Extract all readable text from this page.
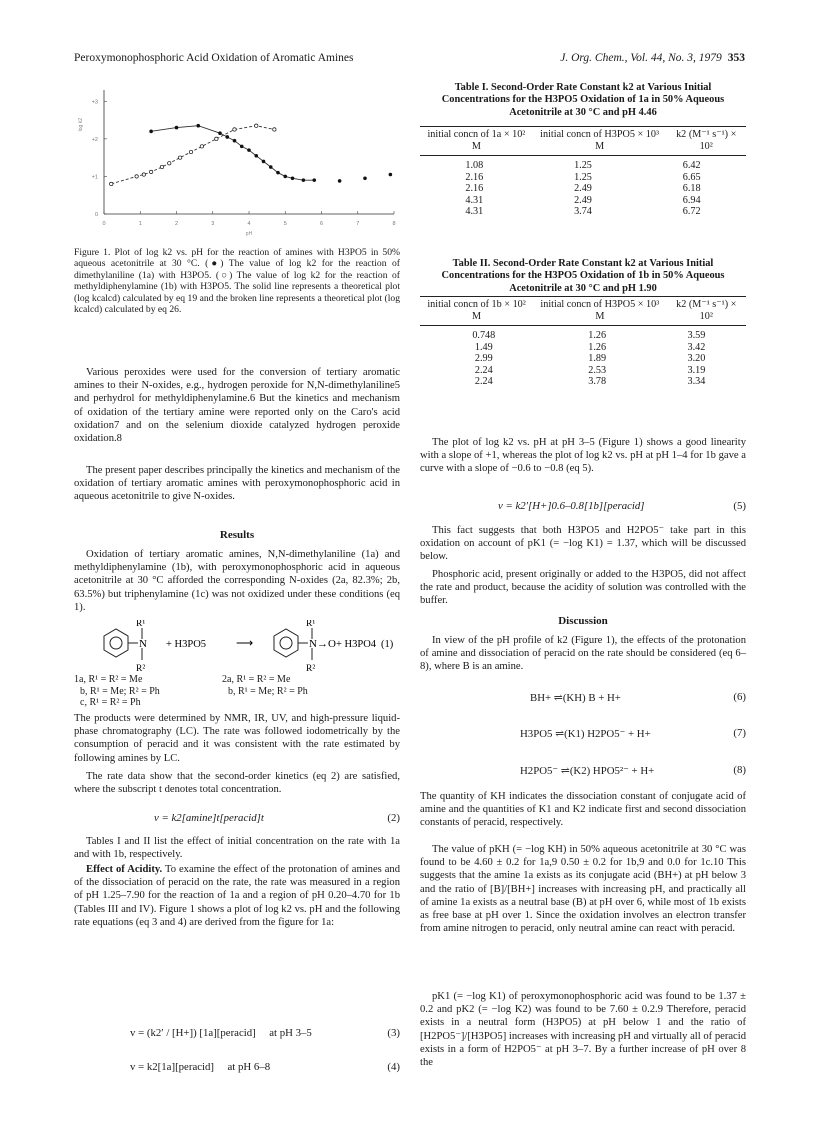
Peroxymonophosphoric Acid Oxidation of Aromatic Amines	J. Org. Chem., Vol. 44, No. 3, 1979 353
0	1	2	3	4	5	6	7	8
pH
0
+1
+2
+3
log k2
Figure 1. Plot of log k2 vs. pH for the reaction of amines with H3PO5 in 50% aqueous acetonitrile at 30 °C. (●) The value of log k2 for the reaction of dimethylaniline (1a) with H3PO5. (○) The value of log k2 for the reaction of methyldiphenylamine (1b) with H3PO5. The solid line represents a theoretical plot (log kcalcd) calculated by eq 19 and the broken line represents a theoretical plot (log kcalcd) calculated by eq 26.

Various peroxides were used for the conversion of tertiary aromatic amines to their N-oxides, e.g., hydrogen peroxide for N,N-dimethylaniline5 and perhydrol for methyldiphenylamine.6 But the kinetics and mechanism of oxidation of the tertiary amine were reported only on the Caro's acid oxidation7 and on the selenium dioxide catalyzed hydrogen peroxide oxidation.8

The present paper describes principally the kinetics and mechanism of the oxidation of tertiary aromatic amines with peroxymonophosphoric acid in aqueous acetonitrile to give N-oxides.

Results

Oxidation of tertiary aromatic amines, N,N-dimethylaniline (1a) and methyldiphenylamine (1b), with peroxymonophosphoric acid in aqueous acetonitrile at 30 °C afforded the corresponding N-oxides (2a, 82.3%; 2b, 63.5%) but triphenylamine (1c) was not oxidized under these conditions (eq 1).

N
R¹
R²
+ H3PO5 ⟶	N→O
R¹
R²
+ H3PO4 (1)
1a, R¹ = R² = Me
b, R¹ = Me; R² = Ph
c, R¹ = R² = Ph
2a, R¹ = R² = Me
b, R¹ = Me; R² = Ph

The products were determined by NMR, IR, UV, and high-pressure liquid-phase chromatography (LC). The rate was followed iodometrically by the consumption of peracid and it was consistent with the rate estimated by following amines by LC.

The rate data show that the second-order kinetics (eq 2) are satisfied, where the subscript t denotes total concentration.

v = k2[amine]t[peracid]t	(2)

Tables I and II list the effect of initial concentration on the rate with 1a and with 1b, respectively.

Effect of Acidity. To examine the effect of the protonation of amines and of the dissociation of peracid on the rate, the rate was measured in a region of pH 1.25–7.90 for the reaction of 1a and a region of pH 0.20–4.70 for 1b (Tables III and IV). Figure 1 shows a plot of log k2 vs. pH and the following rate equations (eq 3 and 4) are derived from the figure for 1a:

v = (k2′ / [H+]) [1a][peracid]     at pH 3–5	(3)
v = k2[1a][peracid]     at pH 6–8	(4)
Table I. Second-Order Rate Constant k2 at Various Initial Concentrations for the H3PO5 Oxidation of 1a in 50% Aqueous Acetonitrile at 30 °C and pH 4.46
initial concn of 1a × 10² M	initial concn of H3PO5 × 10³ M	k2 (M⁻¹ s⁻¹) × 10²
1.08	1.25	6.42
2.16	1.25	6.65
2.16	2.49	6.18
4.31	2.49	6.94
4.31	3.74	6.72
Table II. Second-Order Rate Constant k2 at Various Initial Concentrations for the H3PO5 Oxidation of 1b in 50% Aqueous Acetonitrile at 30 °C and pH 1.90
initial concn of 1b × 10² M	initial concn of H3PO5 × 10³ M	k2 (M⁻¹ s⁻¹) × 10²
0.748	1.26	3.59
1.49	1.26	3.42
2.99	1.89	3.20
2.24	2.53	3.19
2.24	3.78	3.34

The plot of log k2 vs. pH at pH 3–5 (Figure 1) shows a good linearity with a slope of +1, whereas the plot of log k2 vs. pH at pH 1–4 for 1b gave a curve with a slope of −0.6 to −0.8 (eq 5).

v = k2′[H+]0.6–0.8[1b][peracid]	(5)

This fact suggests that both H3PO5 and H2PO5⁻ take part in this oxidation on account of pK1 (= −log K1) = 1.37, which will be discussed below.

Phosphoric acid, present originally or added to the H3PO5, did not affect the rate and product, because the acidity of solution was controlled with the buffer.

Discussion

In view of the pH profile of k2 (Figure 1), the effects of the protonation of amine and dissociation of peracid on the rate should be considered (eq 6–8), where B is an amine.

BH+ ⇌(KH) B + H+	(6)
H3PO5 ⇌(K1) H2PO5⁻ + H+	(7)
H2PO5⁻ ⇌(K2) HPO5²⁻ + H+	(8)

The quantity of KH indicates the dissociation constant of conjugate acid of amine and the quantities of K1 and K2 indicate first and second dissociation constants of peracid, respectively.

The value of pKH (= −log KH) in 50% aqueous acetonitrile at 30 °C was found to be 4.60 ± 0.2 for 1a,9 0.50 ± 0.2 for 1b,9 and 0.0 for 1c.10 This suggests that the amine 1a exists as its conjugate acid (BH+) at pH below 3 and the ratio of [B]/[BH+] increases with increasing pH, and practically all of amine 1a exists as a neutral base (B) at pH over 6, while most of 1b exists as free base at pH over 1. Since the oxidation involves an electron transfer from amine nitrogen to peracid, only neutral amine can react with peracid.

pK1 (= −log K1) of peroxymonophosphoric acid was found to be 1.37 ± 0.2 and pK2 (= −log K2) was found to be 7.60 ± 0.2.9 Therefore, peracid exists in a neutral form (H3PO5) at pH below 1 and the ratio of [H2PO5⁻]/[H3PO5] increases with increasing pH and virtually all of peracid exists in a form of H2PO5⁻ at pH 3–7. By a further increase of pH over 8 the
